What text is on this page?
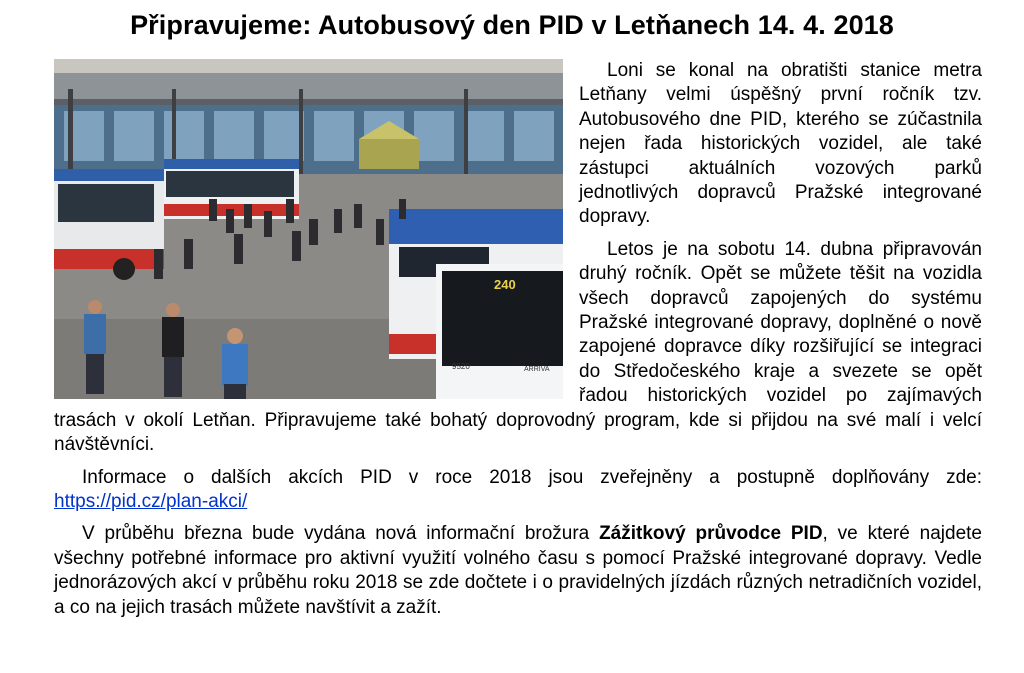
Připravujeme: Autobusový den PID v Letňanech 14. 4. 2018
240
9520	ARRIVA

Loni se konal na obratišti stanice metra Letňany velmi úspěšný první ročník tzv. Autobusového dne PID, kterého se zúčastnila nejen řada historických vozidel, ale také zástupci aktuálních vozových parků jednotlivých dopravců Pražské integrované dopravy.

Letos je na sobotu 14. dubna připravován druhý ročník. Opět se můžete těšit na vozidla všech dopravců zapojených do systému Pražské integrované dopravy, doplněné o nově zapojené dopravce díky rozšiřující se integraci do Středočeského kraje a svezete se opět řadou historických vozidel po zajímavých trasách v okolí Letňan. Připravujeme také bohatý doprovodný program, kde si přijdou na své malí i velcí návštěvníci.

Informace o dalších akcích PID v roce 2018 jsou zveřejněny a postupně doplňovány zde: https://pid.cz/plan-akci/

V průběhu března bude vydána nová informační brožura Zážitkový průvodce PID, ve které najdete všechny potřebné informace pro aktivní využití volného času s pomocí Pražské integrované dopravy. Vedle jednorázových akcí v průběhu roku 2018 se zde dočtete i o pravidelných jízdách různých netradičních vozidel, a co na jejich trasách můžete navštívit a zažít.
